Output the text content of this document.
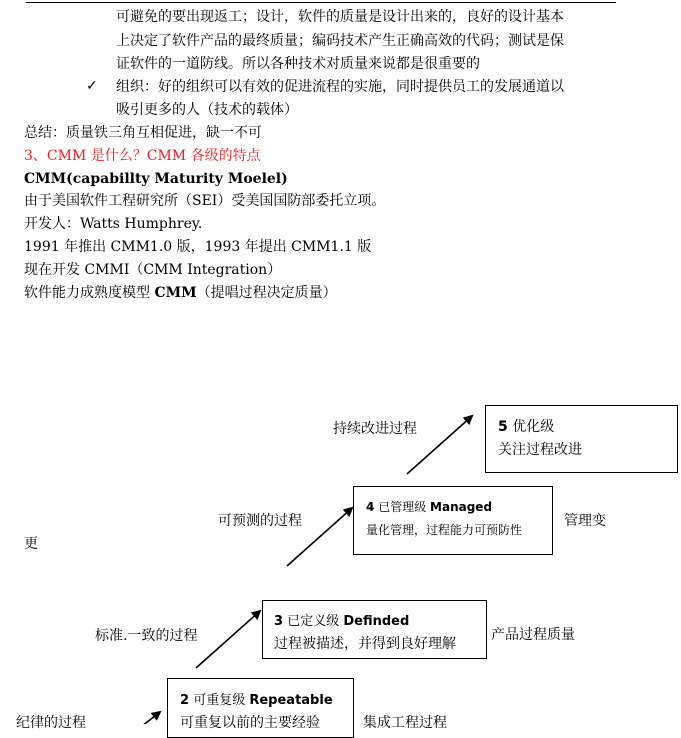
可避免的要出现返工；设计，软件的质量是设计出来的，良好的设计基本
上决定了软件产品的最终质量；编码技术产生正确高效的代码；测试是保
证软件的一道防线。所以各种技术对质量来说都是很重要的
✓ 组织：好的组织可以有效的促进流程的实施，同时提供员工的发展通道以
吸引更多的人（技术的载体）
总结：质量铁三角互相促进，缺一不可
3、CMM 是什么？CMM 各级的特点
CMM(capabillty Maturity Moelel)
由于美国软件工程研究所（SEI）受美国国防部委托立项。
开发人：Watts Humphrey.
1991 年推出 CMM1.0 版，1993 年提出 CMM1.1 版
现在开发 CMMI（CMM Integration）
软件能力成熟度模型 CMM（提唱过程决定质量）
持续改进过程
可预测的过程
标准.一致的过程
纪律的过程
5 优化级
关注过程改进
4 已管理级 Managed
量化管理，过程能力可预防性
3 已定义级 Definded
过程被描述，并得到良好理解
2 可重复级 Repeatable
可重复以前的主要经验
管理变
更
产品过程质量
集成工程过程
